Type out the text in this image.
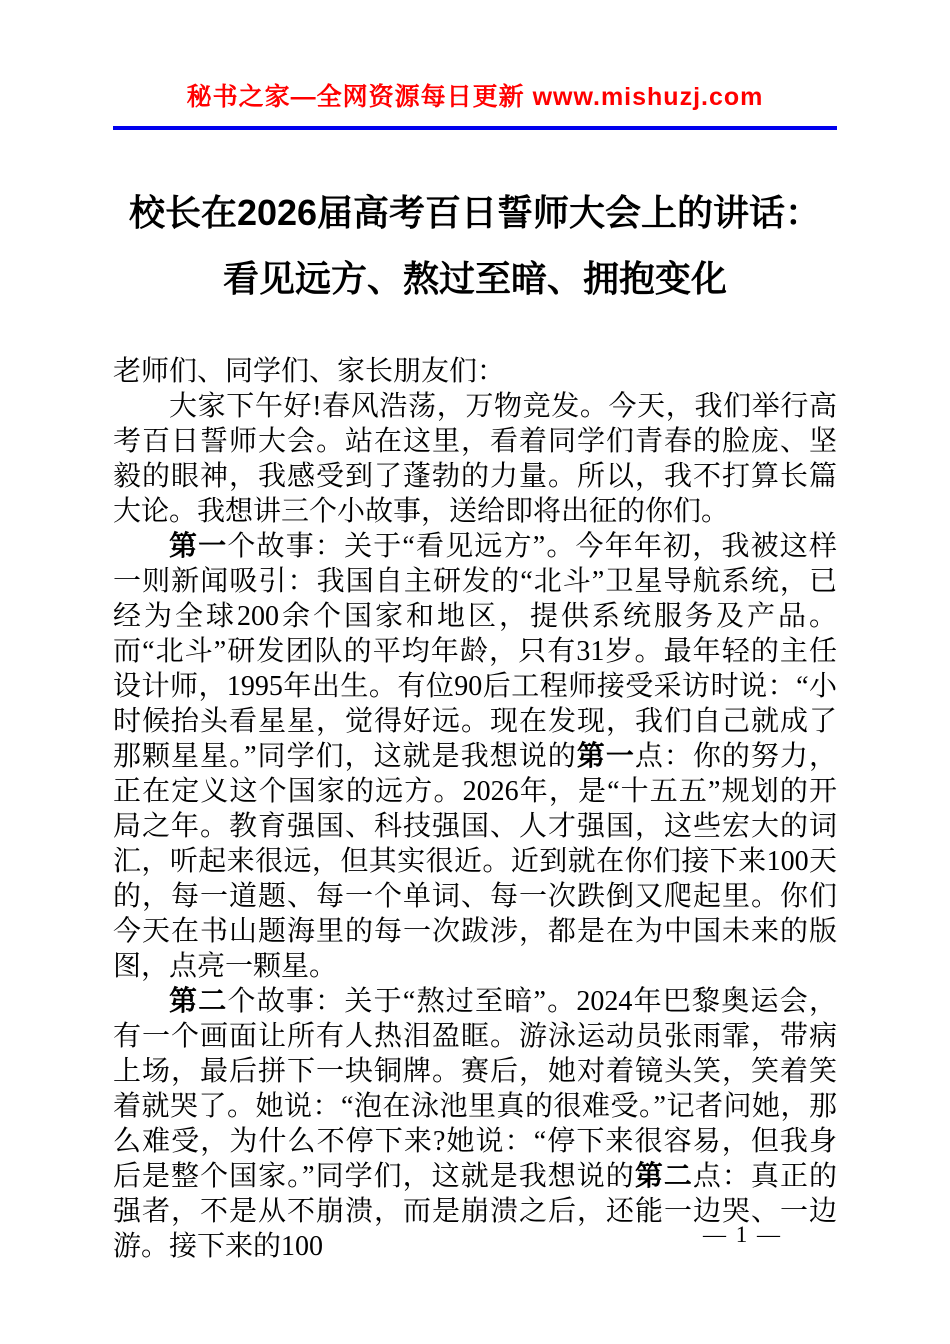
秘书之家—全网资源每日更新 www.mishuzj.com
校长在2026届高考百日誓师大会上的讲话：
看见远方、熬过至暗、拥抱变化

老师们、同学们、家长朋友们：

大家下午好!春风浩荡，万物竞发。今天，我们举行高考百日誓师大会。站在这里，看着同学们青春的脸庞、坚毅的眼神，我感受到了蓬勃的力量。所以，我不打算长篇大论。我想讲三个小故事，送给即将出征的你们。

第一个故事：关于“看见远方”。今年年初，我被这样一则新闻吸引：我国自主研发的“北斗”卫星导航系统，已经为全球200余个国家和地区，提供系统服务及产品。而“北斗”研发团队的平均年龄，只有31岁。最年轻的主任设计师，1995年出生。有位90后工程师接受采访时说：“小时候抬头看星星，觉得好远。现在发现，我们自己就成了那颗星星。”同学们，这就是我想说的第一点：你的努力，正在定义这个国家的远方。2026年，是“十五五”规划的开局之年。教育强国、科技强国、人才强国，这些宏大的词汇，听起来很远，但其实很近。近到就在你们接下来100天的，每一道题、每一个单词、每一次跌倒又爬起里。你们今天在书山题海里的每一次跋涉，都是在为中国未来的版图，点亮一颗星。

第二个故事：关于“熬过至暗”。2024年巴黎奥运会，有一个画面让所有人热泪盈眶。游泳运动员张雨霏，带病上场，最后拼下一块铜牌。赛后，她对着镜头笑，笑着笑着就哭了。她说：“泡在泳池里真的很难受。”记者问她，那么难受，为什么不停下来?她说：“停下来很容易，但我身后是整个国家。”同学们，这就是我想说的第二点：真正的强者，不是从不崩溃，而是崩溃之后，还能一边哭、一边游。接下来的100	— 1 —
